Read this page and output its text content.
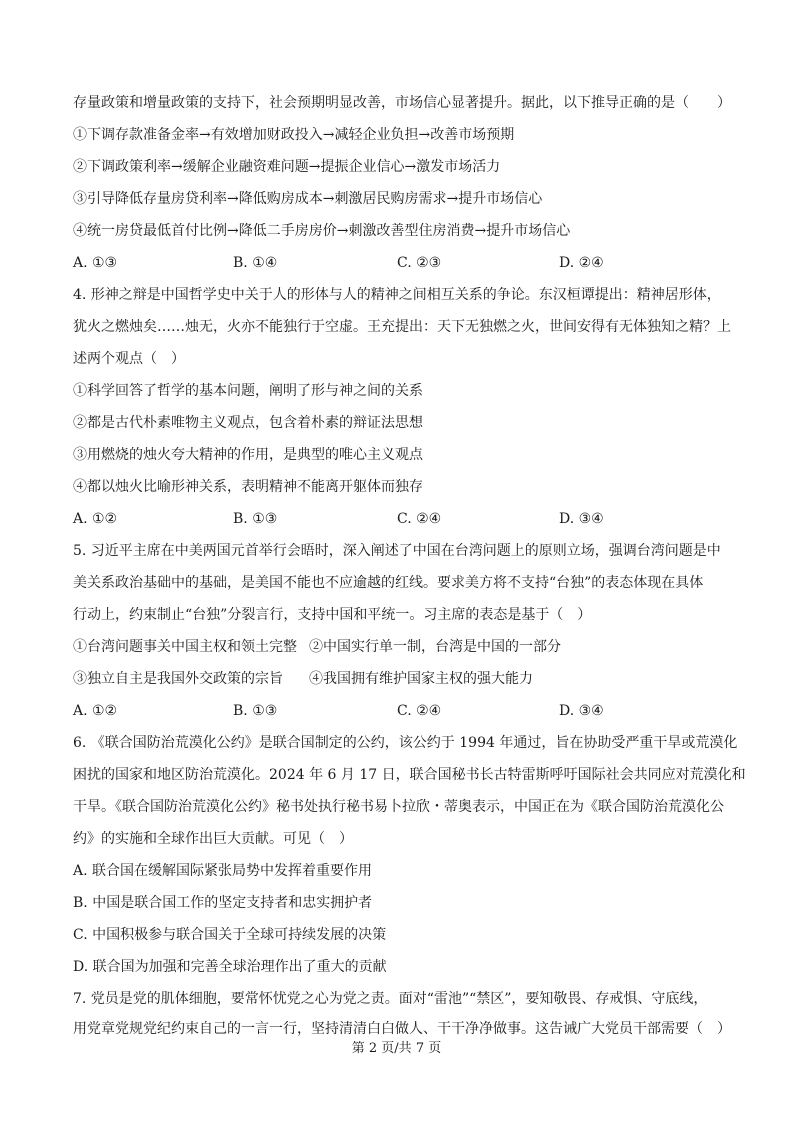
存量政策和增量政策的支持下，社会预期明显改善，市场信心显著提升。据此，以下推导正确的是（　　）
①下调存款准备金率→有效增加财政投入→减轻企业负担→改善市场预期
②下调政策利率→缓解企业融资难问题→提振企业信心→激发市场活力
③引导降低存量房贷利率→降低购房成本→刺激居民购房需求→提升市场信心
④统一房贷最低首付比例→降低二手房房价→刺激改善型住房消费→提升市场信心
A. ①③	B. ①④	C. ②③	D. ②④
4. 形神之辩是中国哲学史中关于人的形体与人的精神之间相互关系的争论。东汉桓谭提出：精神居形体，
犹火之燃烛矣……烛无，火亦不能独行于空虚。王充提出：天下无独燃之火，世间安得有无体独知之精？上
述两个观点（　）
①科学回答了哲学的基本问题，阐明了形与神之间的关系
②都是古代朴素唯物主义观点，包含着朴素的辩证法思想
③用燃烧的烛火夸大精神的作用，是典型的唯心主义观点
④都以烛火比喻形神关系，表明精神不能离开躯体而独存
A. ①②	B. ①③	C. ②④	D. ③④
5. 习近平主席在中美两国元首举行会晤时，深入阐述了中国在台湾问题上的原则立场，强调台湾问题是中
美关系政治基础中的基础，是美国不能也不应逾越的红线。要求美方将不支持“台独”的表态体现在具体
行动上，约束制止“台独”分裂言行，支持中国和平统一。习主席的表态是基于（　）
①台湾问题事关中国主权和领土完整 ②中国实行单一制，台湾是中国的一部分
③独立自主是我国外交政策的宗旨 ④我国拥有维护国家主权的强大能力
A. ①②	B. ①③	C. ②④	D. ③④
6. 《联合国防治荒漠化公约》是联合国制定的公约，该公约于 1994 年通过，旨在协助受严重干旱或荒漠化
困扰的国家和地区防治荒漠化。2024 年 6 月 17 日，联合国秘书长古特雷斯呼吁国际社会共同应对荒漠化和
干旱。《联合国防治荒漠化公约》秘书处执行秘书易卜拉欣・蒂奥表示，中国正在为《联合国防治荒漠化公
约》的实施和全球作出巨大贡献。可见（　）
A. 联合国在缓解国际紧张局势中发挥着重要作用
B. 中国是联合国工作的坚定支持者和忠实拥护者
C. 中国积极参与联合国关于全球可持续发展的决策
D. 联合国为加强和完善全球治理作出了重大的贡献
7. 党员是党的肌体细胞，要常怀忧党之心为党之责。面对“雷池”“禁区”，要知敬畏、存戒惧、守底线，
用党章党规党纪约束自己的一言一行，坚持清清白白做人、干干净净做事。这告诫广大党员干部需要（　）
第 2 页/共 7 页
